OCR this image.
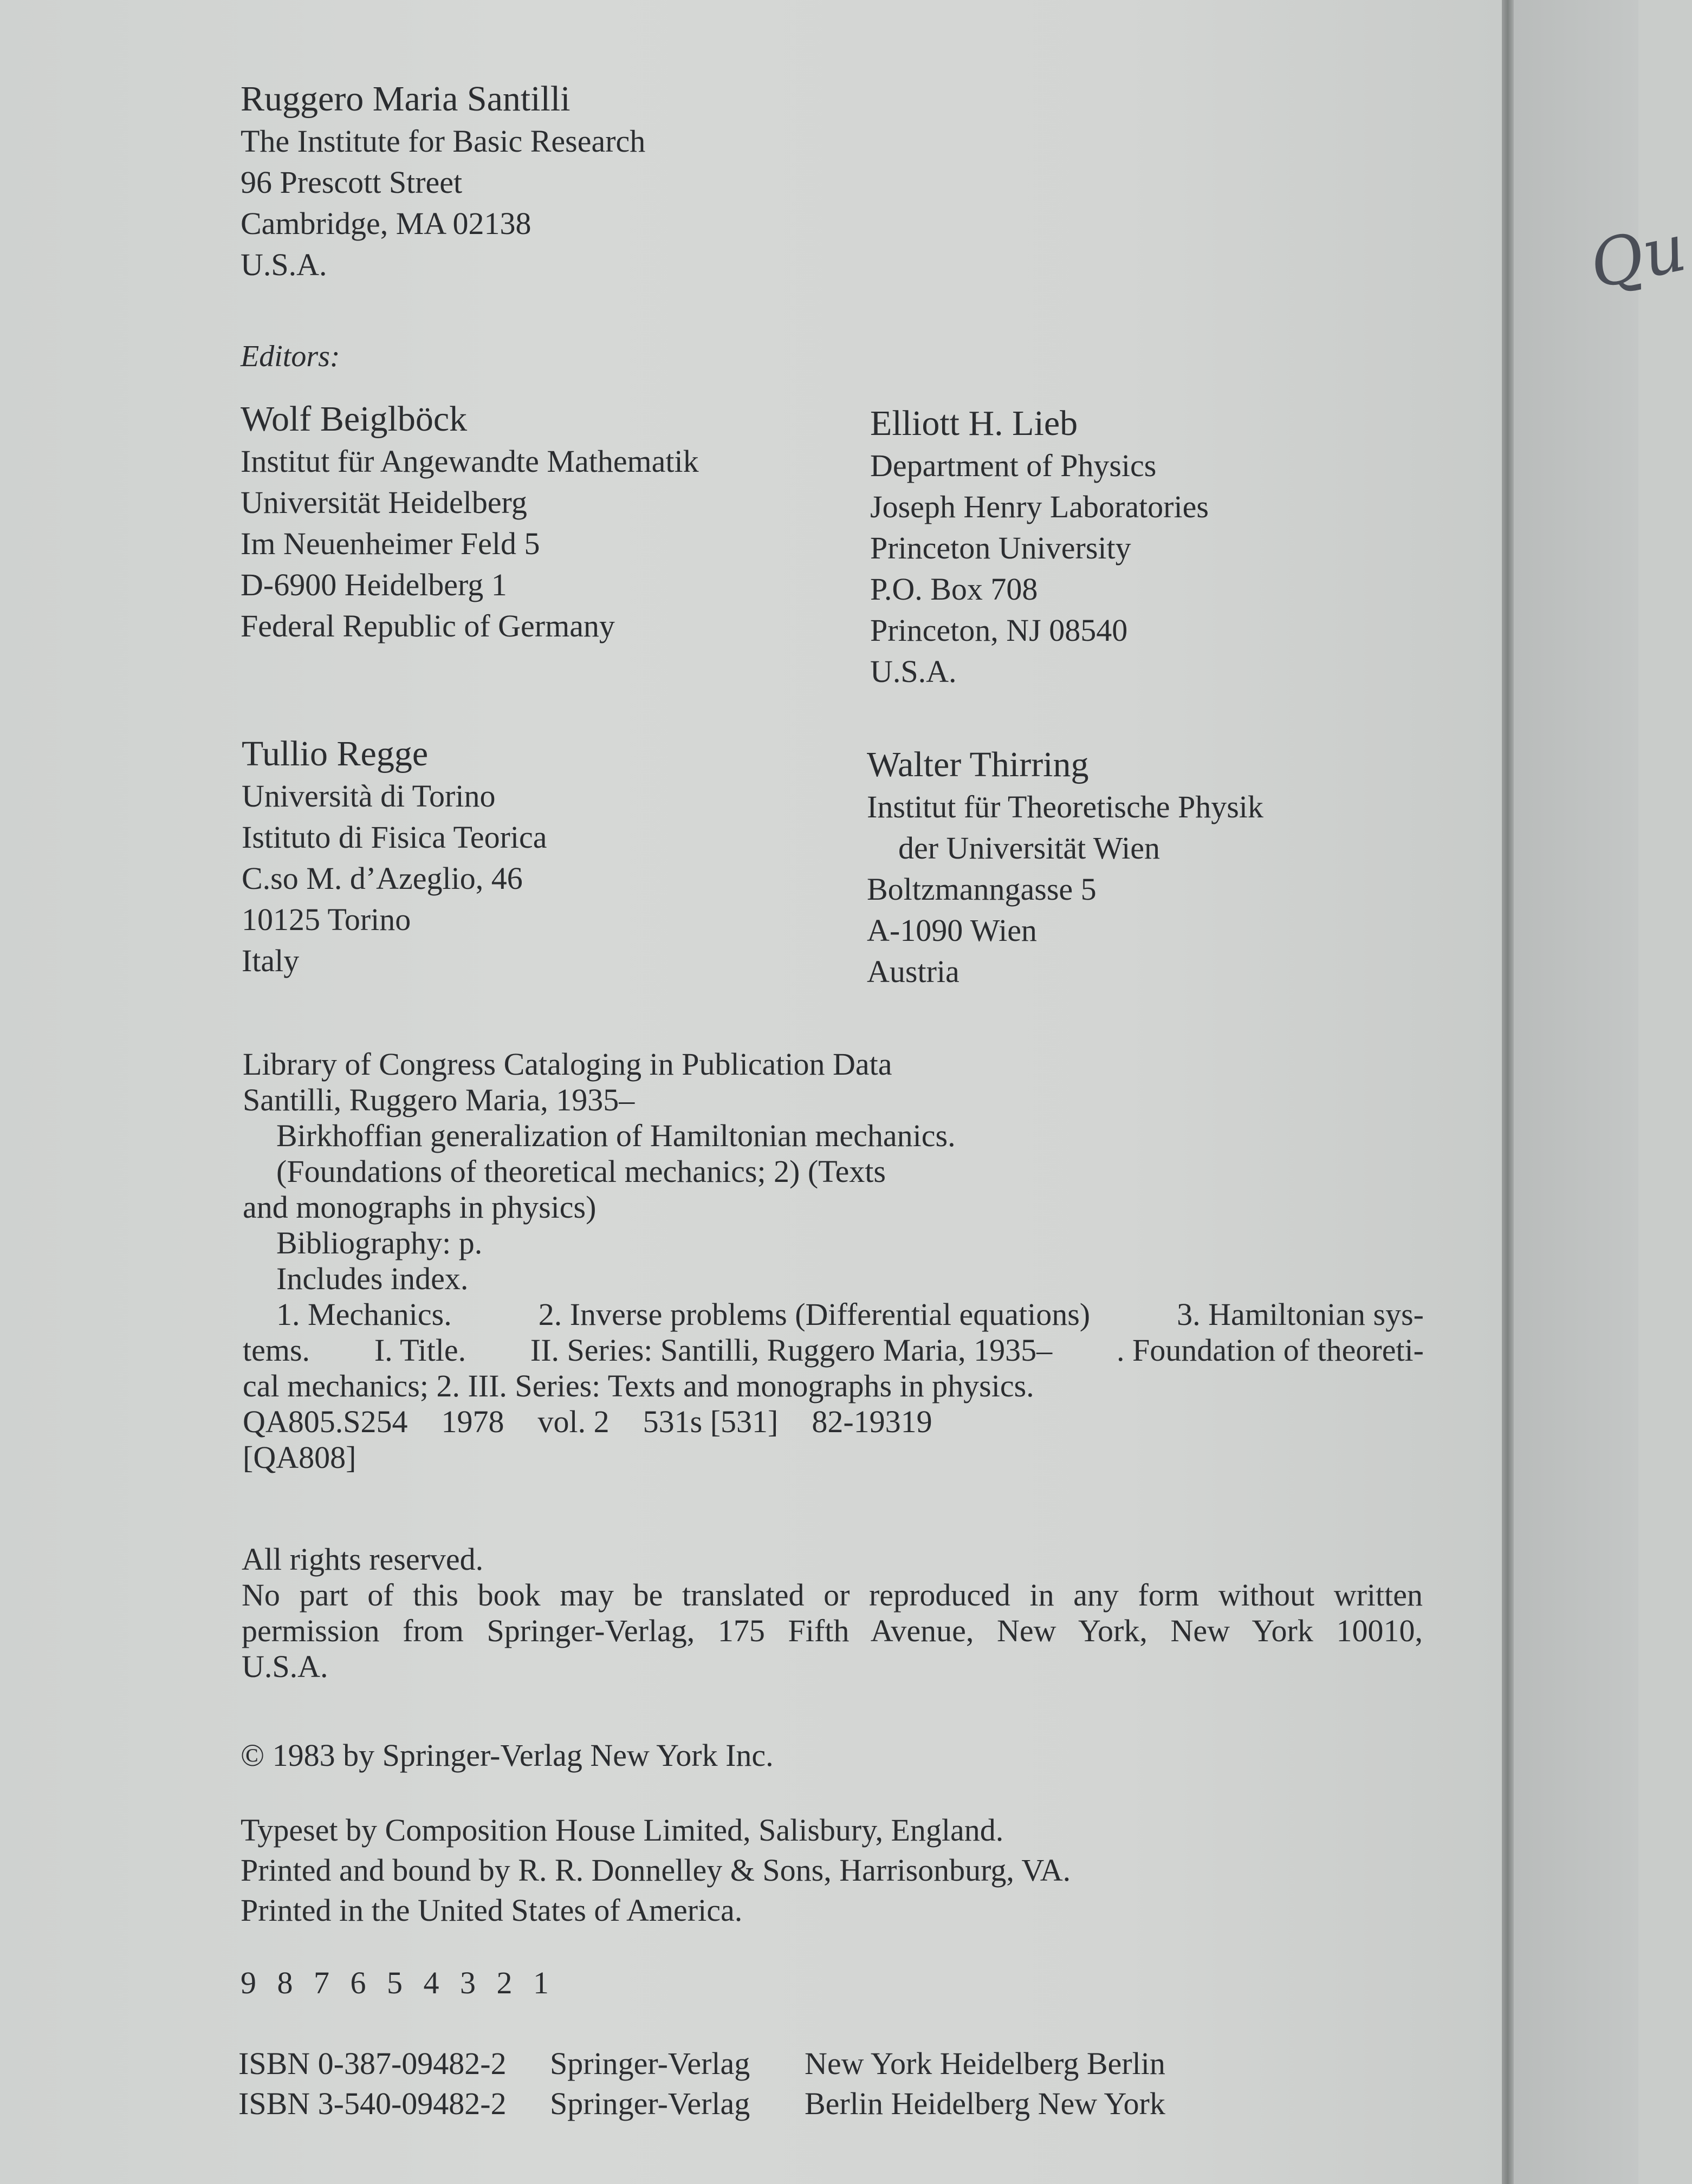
Qu
Ruggero Maria Santilli
The Institute for Basic Research
96 Prescott Street
Cambridge, MA 02138
U.S.A.
Editors:
Wolf Beiglböck
Institut für Angewandte Mathematik
Universität Heidelberg
Im Neuenheimer Feld 5
D-6900 Heidelberg 1
Federal Republic of Germany
Elliott H. Lieb
Department of Physics
Joseph Henry Laboratories
Princeton University
P.O. Box 708
Princeton, NJ 08540
U.S.A.
Tullio Regge
Università di Torino
Istituto di Fisica Teorica
C.so M. d’Azeglio, 46
10125 Torino
Italy
Walter Thirring
Institut für Theoretische Physik
der Universität Wien
Boltzmanngasse 5
A-1090 Wien
Austria
Library of Congress Cataloging in Publication Data
Santilli, Ruggero Maria, 1935–
Birkhoffian generalization of Hamiltonian mechanics.
(Foundations of theoretical mechanics; 2) (Texts
and monographs in physics)
Bibliography: p.
Includes index.
1. Mechanics.	2. Inverse problems (Differential equations)	3. Hamiltonian sys-
tems. I. Title. II. Series: Santilli, Ruggero Maria, 1935– . Foundation of theoreti-
cal mechanics; 2. III. Series: Texts and monographs in physics.
QA805.S254 1978 vol. 2 531s [531] 82-19319
[QA808]
All rights reserved.
No part of this book may be translated or reproduced in any form without written
permission from Springer-Verlag, 175 Fifth Avenue, New York, New York 10010,
U.S.A.
© 1983 by Springer-Verlag New York Inc.
Typeset by Composition House Limited, Salisbury, England.
Printed and bound by R. R. Donnelley & Sons, Harrisonburg, VA.
Printed in the United States of America.
9 8 7 6 5 4 3 2 1
ISBN 0-387-09482-2	Springer-Verlag	New York Heidelberg Berlin
ISBN 3-540-09482-2	Springer-Verlag	Berlin Heidelberg New York
